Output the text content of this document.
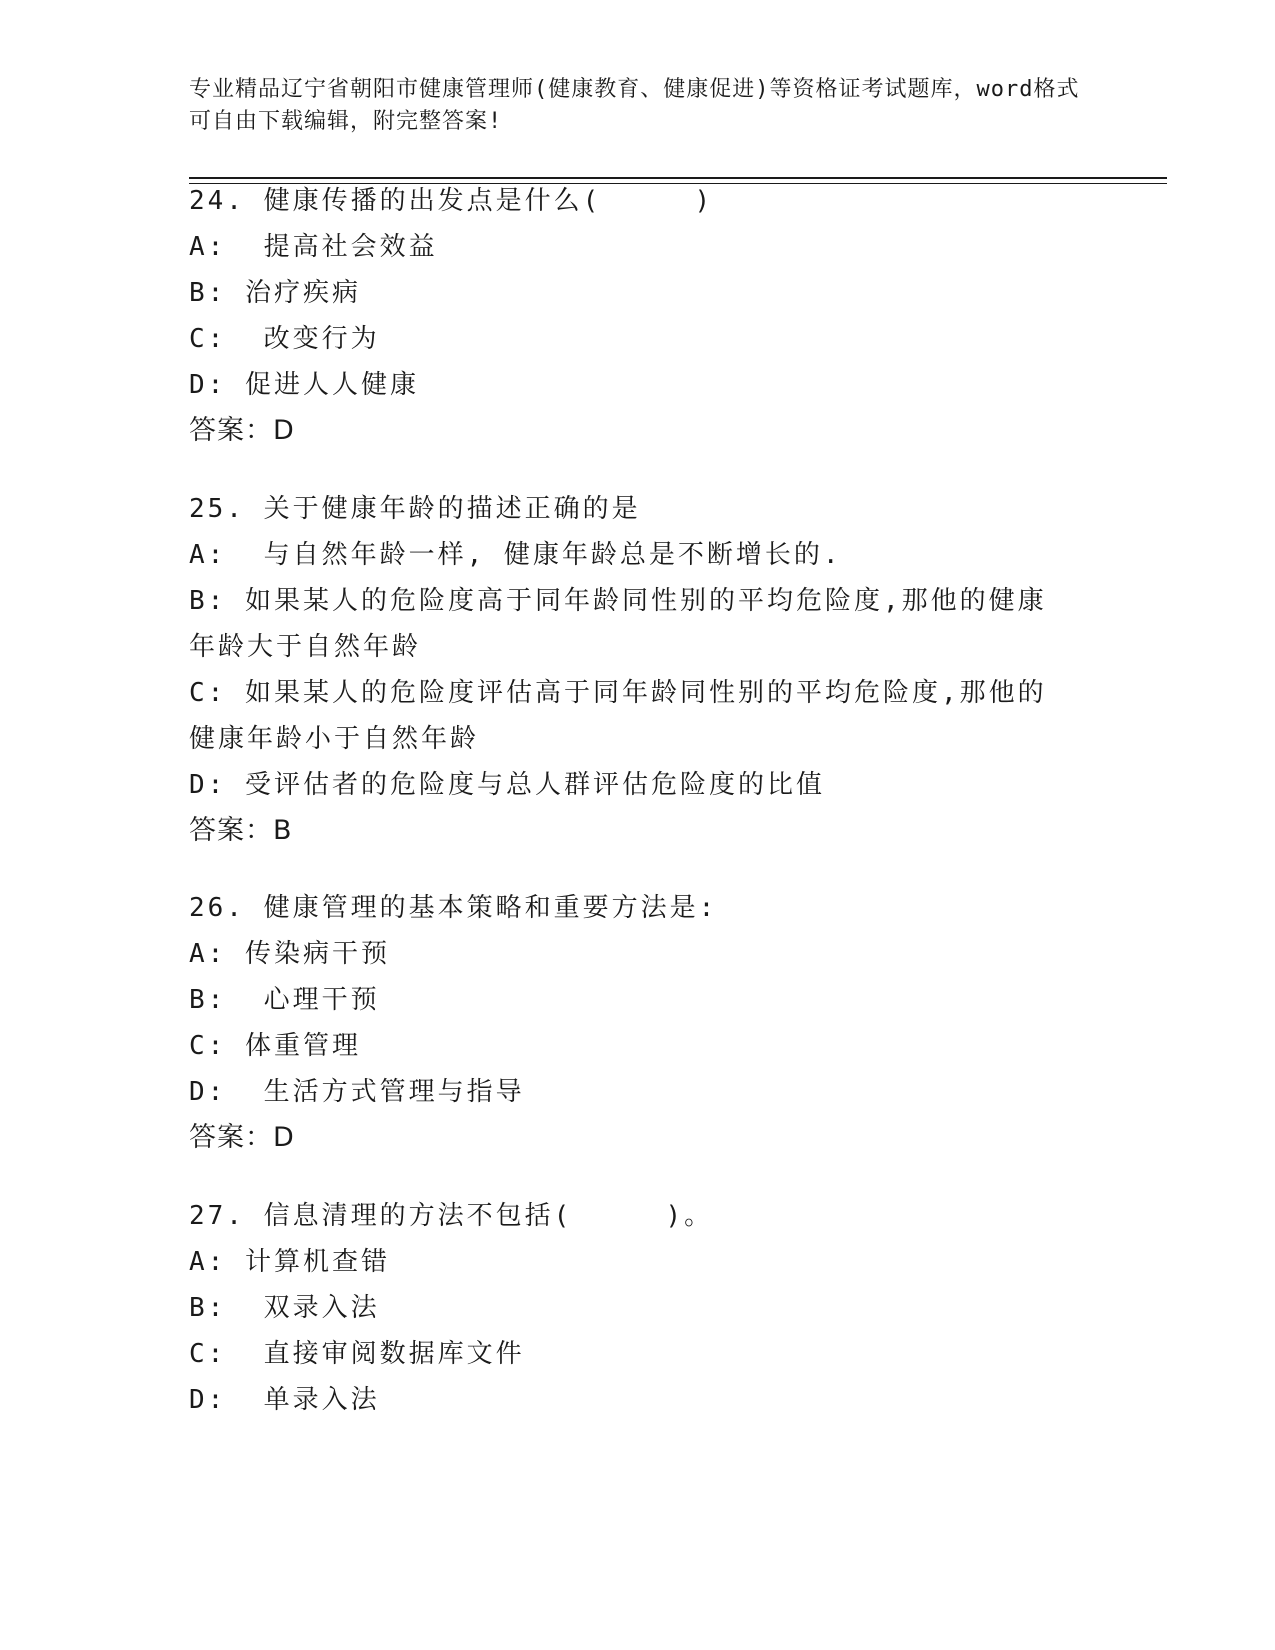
专业精品辽宁省朝阳市健康管理师(健康教育、健康促进)等资格证考试题库，word格式可自由下载编辑，附完整答案!

24. 健康传播的出发点是什么(     )

A:  提高社会效益

B: 治疗疾病

C:  改变行为

D: 促进人人健康

答案：D

25. 关于健康年龄的描述正确的是

A:  与自然年龄一样, 健康年龄总是不断增长的.

B: 如果某人的危险度高于同年龄同性别的平均危险度,那他的健康年龄大于自然年龄

C: 如果某人的危险度评估高于同年龄同性别的平均危险度,那他的健康年龄小于自然年龄

D: 受评估者的危险度与总人群评估危险度的比值

答案：B

26. 健康管理的基本策略和重要方法是:

A: 传染病干预

B:  心理干预

C: 体重管理

D:  生活方式管理与指导

答案：D

27. 信息清理的方法不包括(     )。

A: 计算机查错

B:  双录入法

C:  直接审阅数据库文件

D:  单录入法
